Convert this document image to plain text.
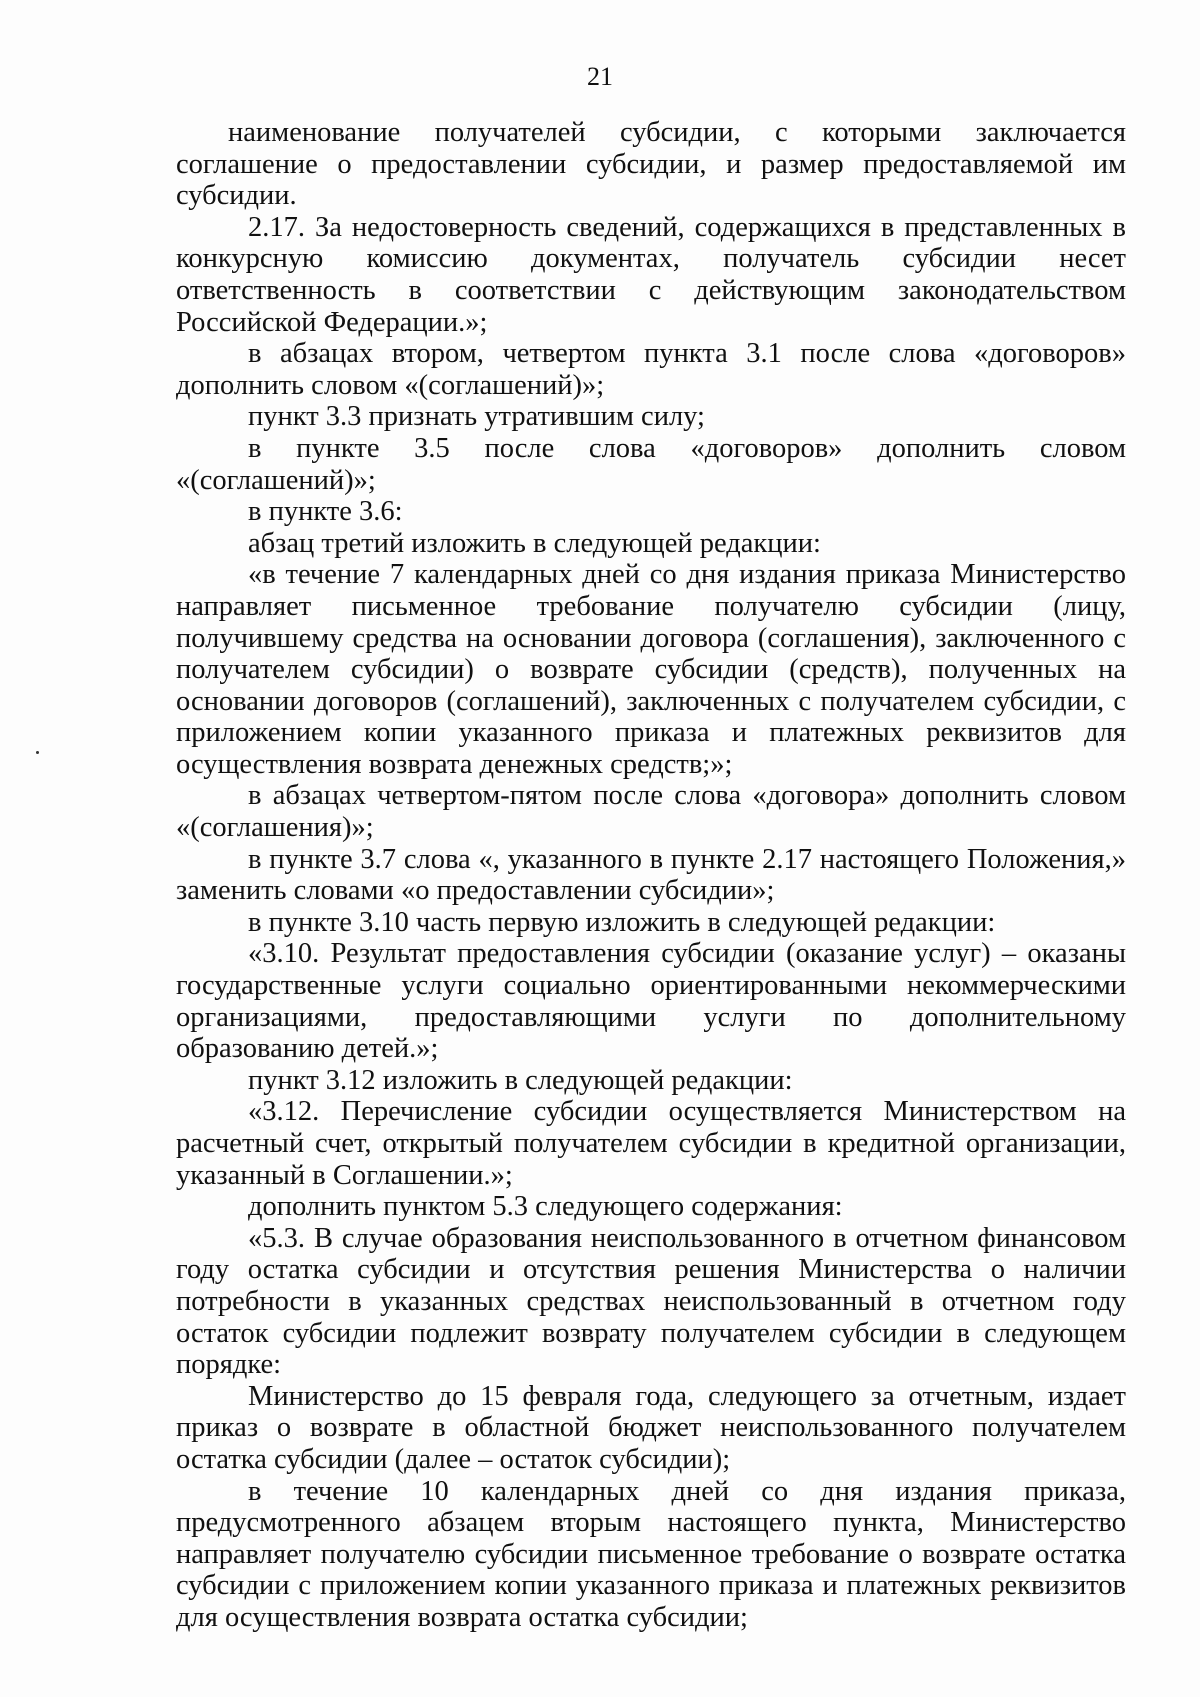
21

наименование получателей субсидии, с которыми заключается соглашение о предоставлении субсидии, и размер предоставляемой им субсидии.

2.17. За недостоверность сведений, содержащихся в представленных в конкурсную комиссию документах, получатель субсидии несет ответственность в соответствии с действующим законодательством Российской Федерации.»;

в абзацах втором, четвертом пункта 3.1 после слова «договоров» дополнить словом «(соглашений)»;

пункт 3.3 признать утратившим силу;

в пункте 3.5 после слова «договоров» дополнить словом «(соглашений)»;

в пункте 3.6:

абзац третий изложить в следующей редакции:

«в течение 7 календарных дней со дня издания приказа Министерство направляет письменное требование получателю субсидии (лицу, получившему средства на основании договора (соглашения), заключенного с получателем субсидии) о возврате субсидии (средств), полученных на основании договоров (соглашений), заключенных с получателем субсидии, с приложением копии указанного приказа и платежных реквизитов для осуществления возврата денежных средств;»;

в абзацах четвертом-пятом после слова «договора» дополнить словом «(соглашения)»;

в пункте 3.7 слова «, указанного в пункте 2.17 настоящего Положения,» заменить словами «о предоставлении субсидии»;

в пункте 3.10 часть первую изложить в следующей редакции:

«3.10. Результат предоставления субсидии (оказание услуг) – оказаны государственные услуги социально ориентированными некоммерческими организациями, предоставляющими услуги по дополнительному образованию детей.»;

пункт 3.12 изложить в следующей редакции:

«3.12. Перечисление субсидии осуществляется Министерством на расчетный счет, открытый получателем субсидии в кредитной организации, указанный в Соглашении.»;

дополнить пунктом 5.3 следующего содержания:

«5.3. В случае образования неиспользованного в отчетном финансовом году остатка субсидии и отсутствия решения Министерства о наличии потребности в указанных средствах неиспользованный в отчетном году остаток субсидии подлежит возврату получателем субсидии в следующем порядке:

Министерство до 15 февраля года, следующего за отчетным, издает приказ о возврате в областной бюджет неиспользованного получателем остатка субсидии (далее – остаток субсидии);

в течение 10 календарных дней со дня издания приказа, предусмотренного абзацем вторым настоящего пункта, Министерство направляет получателю субсидии письменное требование о возврате остатка субсидии с приложением копии указанного приказа и платежных реквизитов для осуществления возврата остатка субсидии;
